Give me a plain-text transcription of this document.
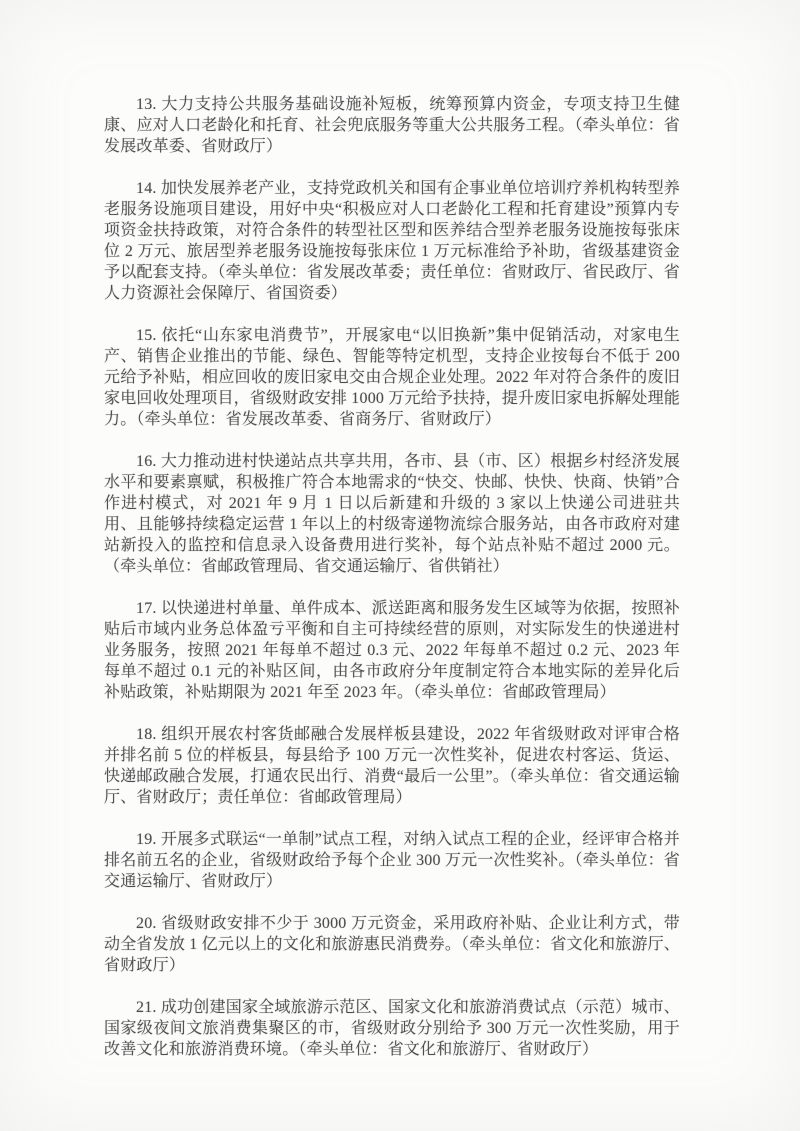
13. 大力支持公共服务基础设施补短板，统筹预算内资金，专项支持卫生健康、应对人口老龄化和托育、社会兜底服务等重大公共服务工程。（牵头单位：省发展改革委、省财政厅）

14. 加快发展养老产业，支持党政机关和国有企事业单位培训疗养机构转型养老服务设施项目建设，用好中央“积极应对人口老龄化工程和托育建设”预算内专项资金扶持政策，对符合条件的转型社区型和医养结合型养老服务设施按每张床位 2 万元、旅居型养老服务设施按每张床位 1 万元标准给予补助，省级基建资金予以配套支持。（牵头单位：省发展改革委；责任单位：省财政厅、省民政厅、省人力资源社会保障厅、省国资委）

15. 依托“山东家电消费节”，开展家电“以旧换新”集中促销活动，对家电生产、销售企业推出的节能、绿色、智能等特定机型，支持企业按每台不低于 200 元给予补贴，相应回收的废旧家电交由合规企业处理。2022 年对符合条件的废旧家电回收处理项目，省级财政安排 1000 万元给予扶持，提升废旧家电拆解处理能力。（牵头单位：省发展改革委、省商务厅、省财政厅）

16. 大力推动进村快递站点共享共用，各市、县（市、区）根据乡村经济发展水平和要素禀赋，积极推广符合本地需求的“快交、快邮、快快、快商、快销”合作进村模式，对 2021 年 9 月 1 日以后新建和升级的 3 家以上快递公司进驻共用、且能够持续稳定运营 1 年以上的村级寄递物流综合服务站，由各市政府对建站新投入的监控和信息录入设备费用进行奖补，每个站点补贴不超过 2000 元。（牵头单位：省邮政管理局、省交通运输厅、省供销社）

17. 以快递进村单量、单件成本、派送距离和服务发生区域等为依据，按照补贴后市域内业务总体盈亏平衡和自主可持续经营的原则，对实际发生的快递进村业务服务，按照 2021 年每单不超过 0.3 元、2022 年每单不超过 0.2 元、2023 年每单不超过 0.1 元的补贴区间，由各市政府分年度制定符合本地实际的差异化后补贴政策，补贴期限为 2021 年至 2023 年。（牵头单位：省邮政管理局）

18. 组织开展农村客货邮融合发展样板县建设，2022 年省级财政对评审合格并排名前 5 位的样板县，每县给予 100 万元一次性奖补，促进农村客运、货运、快递邮政融合发展，打通农民出行、消费“最后一公里”。（牵头单位：省交通运输厅、省财政厅；责任单位：省邮政管理局）

19. 开展多式联运“一单制”试点工程，对纳入试点工程的企业，经评审合格并排名前五名的企业，省级财政给予每个企业 300 万元一次性奖补。（牵头单位：省交通运输厅、省财政厅）

20. 省级财政安排不少于 3000 万元资金，采用政府补贴、企业让利方式，带动全省发放 1 亿元以上的文化和旅游惠民消费券。（牵头单位：省文化和旅游厅、省财政厅）

21. 成功创建国家全域旅游示范区、国家文化和旅游消费试点（示范）城市、国家级夜间文旅消费集聚区的市，省级财政分别给予 300 万元一次性奖励，用于改善文化和旅游消费环境。（牵头单位：省文化和旅游厅、省财政厅）
